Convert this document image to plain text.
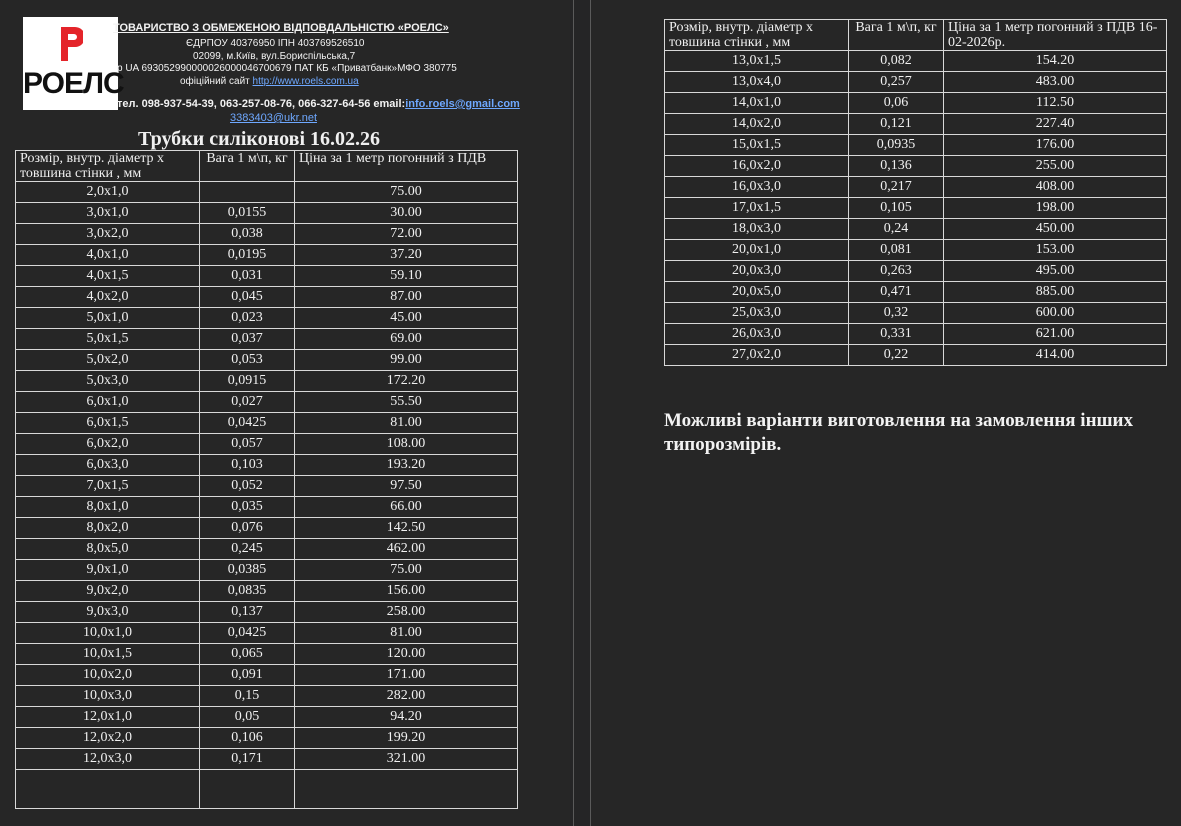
РОЕЛС
ТОВАРИСТВО З ОБМЕЖЕНОЮ ВІДПОВДАЛЬНІСТЮ «РОЕЛС»
ЄДРПОУ 40376950 ІПН 403769526510
02099, м.Київ, вул.Бориспільська,7
р UA 693052990000026000046700679 ПАТ КБ «Приватбанк»МФО 380775
офіційний сайт http://www.roels.com.ua
тел. 098-937-54-39, 063-257-08-76, 066-327-64-56 email:info.roels@gmail.com
3383403@ukr.net
Трубки силіконові 16.02.26
Розмір, внутр. діаметр х товшина стінки , мм	Вага 1 м\п, кг	Ціна за 1 метр погонний з ПДВ
2,0х1,0		75.00
3,0х1,0	0,0155	30.00
3,0х2,0	0,038	72.00
4,0х1,0	0,0195	37.20
4,0х1,5	0,031	59.10
4,0х2,0	0,045	87.00
5,0х1,0	0,023	45.00
5,0х1,5	0,037	69.00
5,0х2,0	0,053	99.00
5,0х3,0	0,0915	172.20
6,0х1,0	0,027	55.50
6,0х1,5	0,0425	81.00
6,0х2,0	0,057	108.00
6,0х3,0	0,103	193.20
7,0х1,5	0,052	97.50
8,0х1,0	0,035	66.00
8,0х2,0	0,076	142.50
8,0х5,0	0,245	462.00
9,0х1,0	0,0385	75.00
9,0х2,0	0,0835	156.00
9,0х3,0	0,137	258.00
10,0х1,0	0,0425	81.00
10,0х1,5	0,065	120.00
10,0х2,0	0,091	171.00
10,0х3,0	0,15	282.00
12,0х1,0	0,05	94.20
12,0х2,0	0,106	199.20
12,0х3,0	0,171	321.00

Розмір, внутр. діаметр х товшина стінки , мм	Вага 1 м\п, кг	Ціна за 1 метр погонний з ПДВ 16-02-2026р.
13,0х1,5	0,082	154.20
13,0х4,0	0,257	483.00
14,0х1,0	0,06	112.50
14,0х2,0	0,121	227.40
15,0х1,5	0,0935	176.00
16,0х2,0	0,136	255.00
16,0х3,0	0,217	408.00
17,0х1,5	0,105	198.00
18,0х3,0	0,24	450.00
20,0х1,0	0,081	153.00
20,0х3,0	0,263	495.00
20,0х5,0	0,471	885.00
25,0х3,0	0,32	600.00
26,0х3,0	0,331	621.00
27,0х2,0	0,22	414.00
Можливі варіанти виготовлення на замовлення інших типорозмірів.
